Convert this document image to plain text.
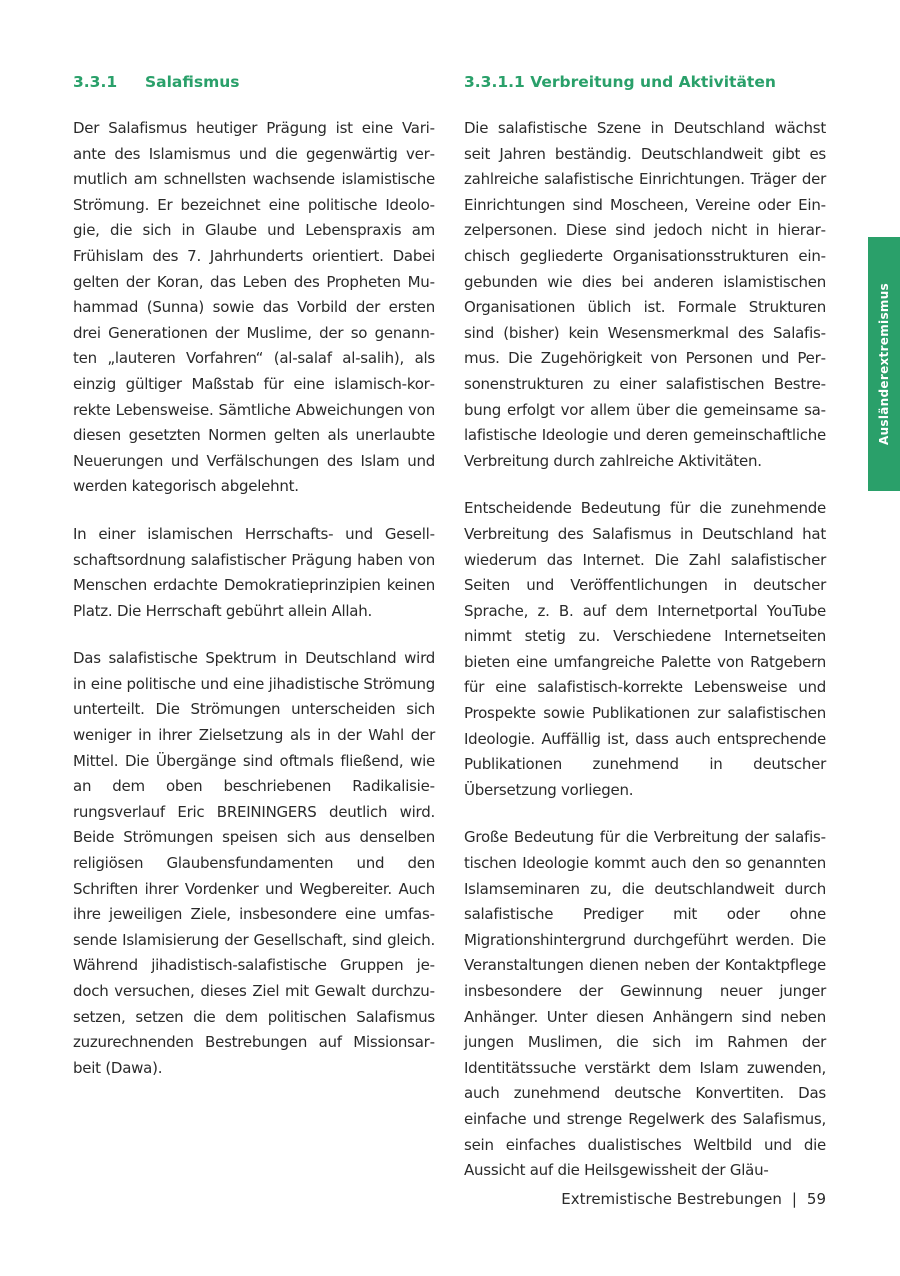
3.3.1 Salafismus

Der Salafismus heutiger Prägung ist eine Variante des Islamismus und die gegenwärtig vermutlich am schnellsten wachsende islamistische Strömung. Er bezeichnet eine politische Ideologie, die sich in Glaube und Lebenspraxis am Frühislam des 7. Jahrhunderts orientiert. Dabei gelten der Koran, das Leben des Propheten Muhammad (Sunna) sowie das Vorbild der ersten drei Generationen der Muslime, der so genannten „lauteren Vorfahren“ (al-salaf al-salih), als einzig gültiger Maßstab für eine islamisch-korrekte Lebensweise. Sämtliche Abweichungen von diesen gesetzten Normen gelten als unerlaubte Neuerungen und Verfälschungen des Islam und werden kategorisch abgelehnt.

In einer islamischen Herrschafts- und Gesellschaftsordnung salafistischer Prägung haben von Menschen erdachte Demokratieprinzipien keinen Platz. Die Herrschaft gebührt allein Allah.

Das salafistische Spektrum in Deutschland wird in eine politische und eine jihadistische Strömung unterteilt. Die Strömungen unterscheiden sich weniger in ihrer Zielsetzung als in der Wahl der Mittel. Die Übergänge sind oftmals fließend, wie an dem oben beschriebenen Radikalisierungsverlauf Eric BREININGERS deutlich wird. Beide Strömungen speisen sich aus denselben religiösen Glaubensfundamenten und den Schriften ihrer Vordenker und Wegbereiter. Auch ihre jeweiligen Ziele, insbesondere eine umfassende Islamisierung der Gesellschaft, sind gleich. Während jihadistisch-salafistische Gruppen jedoch versuchen, dieses Ziel mit Gewalt durchzusetzen, setzen die dem politischen Salafismus zuzurechnenden Bestrebungen auf Missionsarbeit (Dawa).

3.3.1.1 Verbreitung und Aktivitäten

Die salafistische Szene in Deutschland wächst seit Jahren beständig. Deutschlandweit gibt es zahlreiche salafistische Einrichtungen. Träger der Einrichtungen sind Moscheen, Vereine oder Einzelpersonen. Diese sind jedoch nicht in hierarchisch gegliederte Organisationsstrukturen eingebunden wie dies bei anderen islamistischen Organisationen üblich ist. Formale Strukturen sind (bisher) kein Wesensmerkmal des Salafismus. Die Zugehörigkeit von Personen und Personenstrukturen zu einer salafistischen Bestrebung erfolgt vor allem über die gemeinsame salafistische Ideologie und deren gemeinschaftliche Verbreitung durch zahlreiche Aktivitäten.

Entscheidende Bedeutung für die zunehmende Verbreitung des Salafismus in Deutschland hat wiederum das Internet. Die Zahl salafistischer Seiten und Veröffentlichungen in deutscher Sprache, z. B. auf dem Internetportal YouTube nimmt stetig zu. Verschiedene Internetseiten bieten eine umfangreiche Palette von Ratgebern für eine salafistisch-korrekte Lebensweise und Prospekte sowie Publikationen zur salafistischen Ideologie. Auffällig ist, dass auch entsprechende Publikationen zunehmend in deutscher Übersetzung vorliegen.

Große Bedeutung für die Verbreitung der salafistischen Ideologie kommt auch den so genannten Islamseminaren zu, die deutschlandweit durch salafistische Prediger mit oder ohne Migrationshintergrund durchgeführt werden. Die Veranstaltungen dienen neben der Kontaktpflege insbesondere der Gewinnung neuer junger Anhänger. Unter diesen Anhängern sind neben jungen Muslimen, die sich im Rahmen der Identitätssuche verstärkt dem Islam zuwenden, auch zunehmend deutsche Konvertiten. Das einfache und strenge Regelwerk des Salafismus, sein einfaches dualistisches Weltbild und die Aussicht auf die Heilsgewissheit der Gläu-

Ausländerextremismus
Extremistische Bestrebungen | 59
